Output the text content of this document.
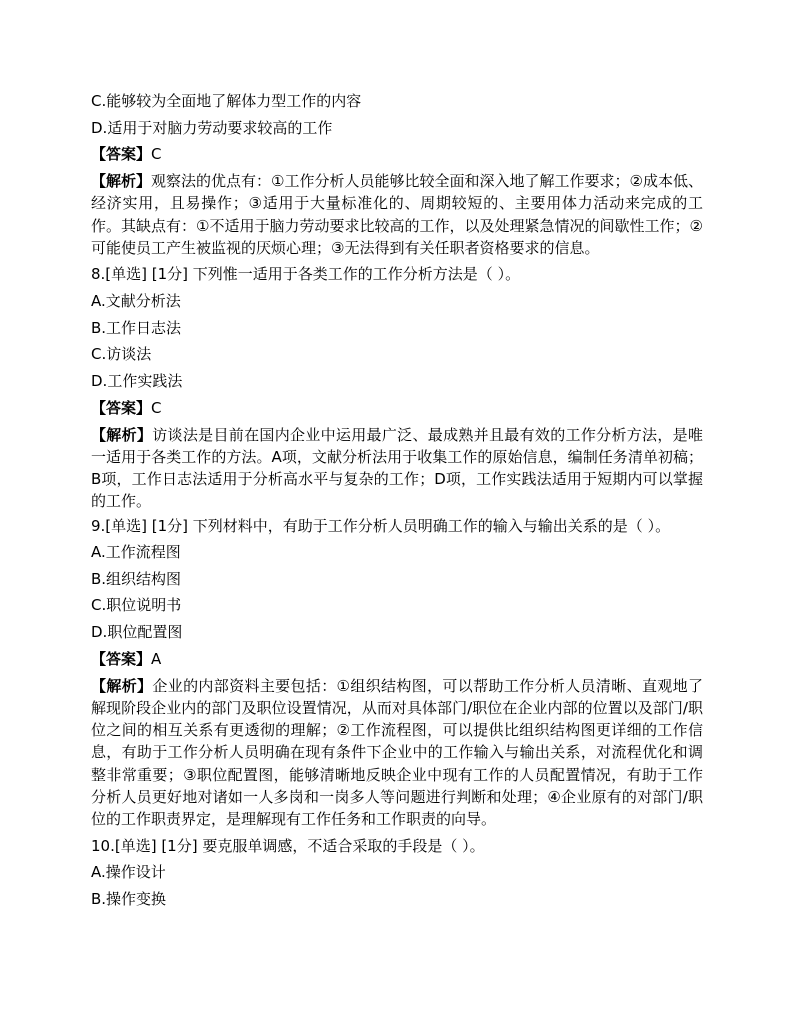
C.能够较为全面地了解体力型工作的内容
D.适用于对脑力劳动要求较高的工作
【答案】C
【解析】观察法的优点有：①工作分析人员能够比较全面和深入地了解工作要求；②成本低、经济实用，且易操作；③适用于大量标准化的、周期较短的、主要用体力活动来完成的工作。其缺点有：①不适用于脑力劳动要求比较高的工作，以及处理紧急情况的间歇性工作；②可能使员工产生被监视的厌烦心理；③无法得到有关任职者资格要求的信息。
8.[单选] [1分] 下列惟一适用于各类工作的工作分析方法是（ ）。
A.文献分析法
B.工作日志法
C.访谈法
D.工作实践法
【答案】C
【解析】访谈法是目前在国内企业中运用最广泛、最成熟并且最有效的工作分析方法，是唯一适用于各类工作的方法。A项，文献分析法用于收集工作的原始信息，编制任务清单初稿；B项，工作日志法适用于分析高水平与复杂的工作；D项，工作实践法适用于短期内可以掌握的工作。
9.[单选] [1分] 下列材料中，有助于工作分析人员明确工作的输入与输出关系的是（ ）。
A.工作流程图
B.组织结构图
C.职位说明书
D.职位配置图
【答案】A
【解析】企业的内部资料主要包括：①组织结构图，可以帮助工作分析人员清晰、直观地了解现阶段企业内的部门及职位设置情况，从而对具体部门/职位在企业内部的位置以及部门/职位之间的相互关系有更透彻的理解；②工作流程图，可以提供比组织结构图更详细的工作信息，有助于工作分析人员明确在现有条件下企业中的工作输入与输出关系，对流程优化和调整非常重要；③职位配置图，能够清晰地反映企业中现有工作的人员配置情况，有助于工作分析人员更好地对诸如一人多岗和一岗多人等问题进行判断和处理；④企业原有的对部门/职位的工作职责界定，是理解现有工作任务和工作职责的向导。
10.[单选] [1分] 要克服单调感，不适合采取的手段是（ ）。
A.操作设计
B.操作变换
